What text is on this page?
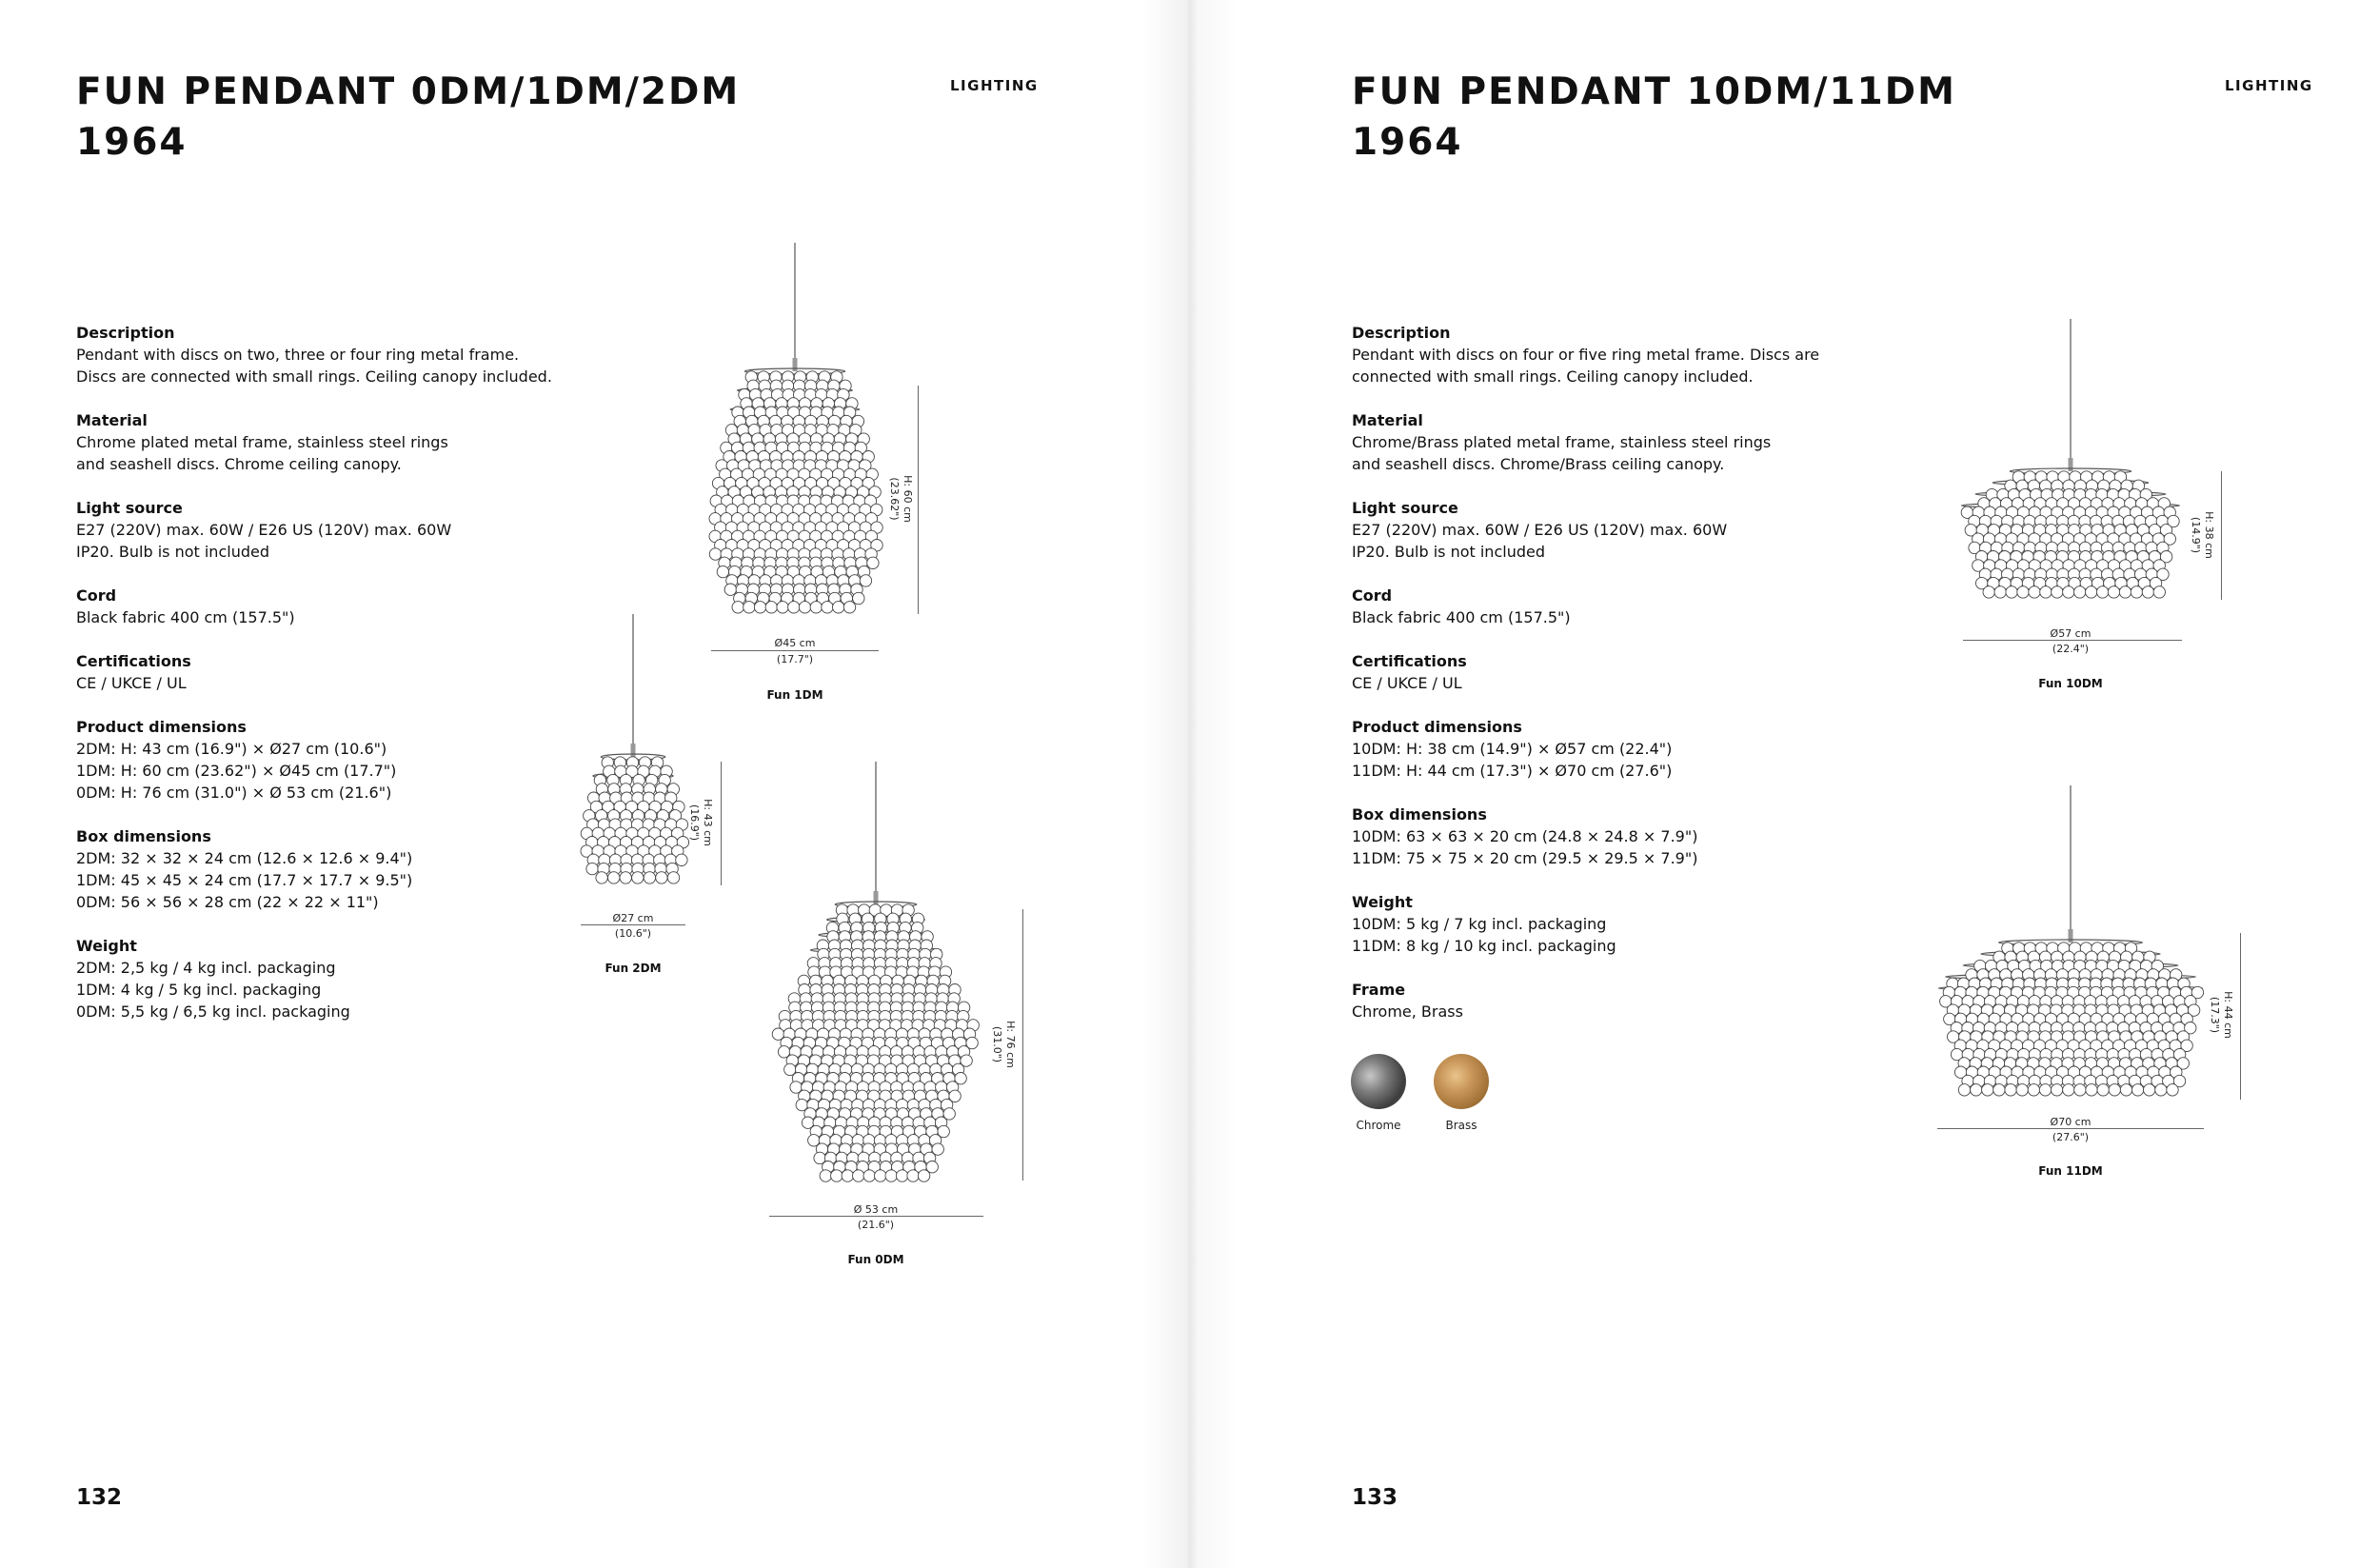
FUN PENDANT 0DM/1DM/2DM
1964
LIGHTING
Description
Pendant with discs on two, three or four ring metal frame.
Discs are connected with small rings. Ceiling canopy included.
Material
Chrome plated metal frame, stainless steel rings
and seashell discs. Chrome ceiling canopy.
Light source
E27 (220V) max. 60W / E26 US (120V) max. 60W
IP20. Bulb is not included
Cord
Black fabric 400 cm (157.5")
Certifications
CE / UKCE / UL
Product dimensions
2DM: H: 43 cm (16.9") × Ø27 cm (10.6")
1DM: H: 60 cm (23.62") × Ø45 cm (17.7")
0DM: H: 76 cm (31.0") × Ø 53 cm (21.6")
Box dimensions
2DM: 32 × 32 × 24 cm (12.6 × 12.6 × 9.4")
1DM: 45 × 45 × 24 cm (17.7 × 17.7 × 9.5")
0DM: 56 × 56 × 28 cm (22 × 22 × 11")
Weight
2DM: 2,5 kg / 4 kg incl. packaging
1DM: 4 kg / 5 kg incl. packaging
0DM: 5,5 kg / 6,5 kg incl. packaging
Ø45 cm
(17.7")
H: 60 cm
(23.62")
Fun 1DM
Ø27 cm
(10.6")
H: 43 cm
(16.9")
Fun 2DM
Ø 53 cm
(21.6")
H: 76 cm
(31.0")
Fun 0DM
132
FUN PENDANT 10DM/11DM
1964
LIGHTING
Description
Pendant with discs on four or five ring metal frame. Discs are
connected with small rings. Ceiling canopy included.
Material
Chrome/Brass plated metal frame, stainless steel rings
and seashell discs. Chrome/Brass ceiling canopy.
Light source
E27 (220V) max. 60W / E26 US (120V) max. 60W
IP20. Bulb is not included
Cord
Black fabric 400 cm (157.5")
Certifications
CE / UKCE / UL
Product dimensions
10DM: H: 38 cm (14.9") × Ø57 cm (22.4")
11DM: H: 44 cm (17.3") × Ø70 cm (27.6")
Box dimensions
10DM: 63 × 63 × 20 cm (24.8 × 24.8 × 7.9")
11DM: 75 × 75 × 20 cm (29.5 × 29.5 × 7.9")
Weight
10DM: 5 kg / 7 kg incl. packaging
11DM: 8 kg / 10 kg incl. packaging
Frame
Chrome, Brass
Ø57 cm
(22.4")
H: 38 cm
(14.9")
Fun 10DM
Ø70 cm
(27.6")
H: 44 cm
(17.3")
Fun 11DM
133
Chrome	Brass
